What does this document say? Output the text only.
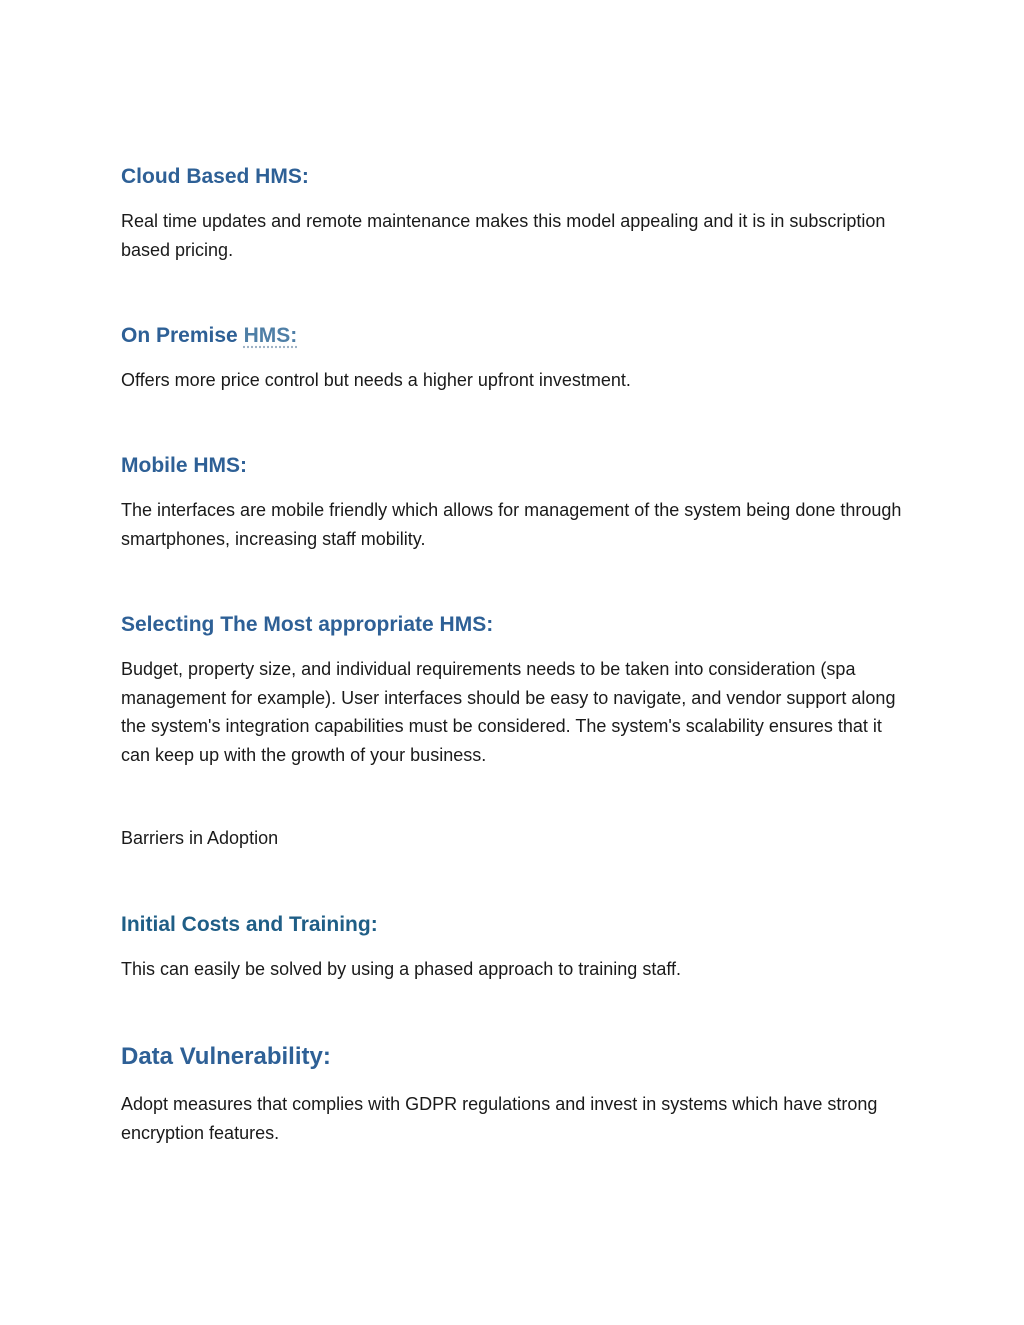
Cloud Based HMS:

Real time updates and remote maintenance makes this model appealing and it is in subscription based pricing.

On Premise HMS:

Offers more price control but needs a higher upfront investment.

Mobile HMS:

The interfaces are mobile friendly which allows for management of the system being done through smartphones, increasing staff mobility.

Selecting The Most appropriate HMS:

Budget, property size, and individual requirements needs to be taken into consideration (spa management for example). User interfaces should be easy to navigate, and vendor support along the system's integration capabilities must be considered. The system's scalability ensures that it can keep up with the growth of your business.

Barriers in Adoption

Initial Costs and Training:

This can easily be solved by using a phased approach to training staff.

Data Vulnerability:

Adopt measures that complies with GDPR regulations and invest in systems which have strong encryption features.
